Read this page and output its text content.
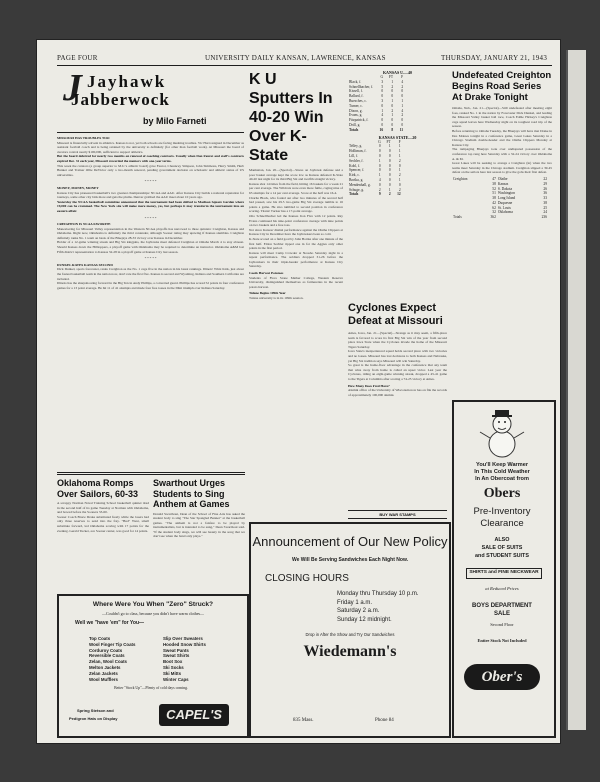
PAGE FOUR	UNIVERSITY DAILY KANSAN, LAWRENCE, KANSAS	THURSDAY, JANUARY 21, 1943
J Jayhawk
Jabberwock
by Milo Farneti
MISSOURI HAS TROUBLES TOO
Missouri is financially solvent in athletics. Kansas is not, yet both schools are facing mushing troubles. Vic Hurt resigned in December as assistant football coach and is being retained by the university to definitely (for other than football work). At Missouri the board of curators control nearly $100,000, sufficient to support athletics.
But the board deferred for nearly two months on renewal of coaching contracts. Usually when Don Faurot and staff's contracts expired Dec. 31 each year, Missouri rewarded the mentors with one-year terms.
This week the curators (a group superior to M.U.'s athletic board) gave Faurot, Chauncey Simpson, John Simmons, Harry Smith, Herb Bunker and Trainer Ollie DeVictor only a two-month renewal, pending government decision on scholastic and athletic status of US universities.
* * * * *
MONEY, MONEY, MONEY
Kansas City has pioneered basketball's two greatest championships: NCAA and AAU. After Kansas City builds a national reputation for tourneys, some other city bids more and gets the plums. Denver grabbed the AAU meet about 10 years ago.
Yesterday the NCAA basketball committee announced that the tournament had been shifted to Madison Square Garden where 19,000 can be crammed. The New York site will make more money, yes, but perhaps it may transform the tournament into an eastern affair.
* * * * *
CREIGHTON IS NCAA FAVORITE
Maneuvering for Missouri Valley representation in the Western NCAA playoffs has narrowed to three quintets: Creighton, Kansas and Oklahoma. Right now, Oklahoma is definitely the third contender, although Sooner rating may upswing if Kansas stumbles. Creighton definitely ranks No. 1 team on basis of the Bluejays 28-33 victory over Kansas in December.
Holder of a 12-game winning streak and Big Six kingpins, the Jayhawks meet defeated Creighton at Omaha March 4 to stay abreast. Should Kansas down the Hilltoppers, a playoff game with Oklahoma may be required to determine an instructor. Oklahoma A&M lost Fifth district representation to Kansas 32-28 in a playoff game at Kansas City last season.
* * * * *
DUNKEL RATES KANSAS SECOND
Dick Dunkel, sports forecaster, ranks Creighton as the No. 1 cage five in the nation in his latest rankings. Illinois' Whiz Kids, just about the fastest basketball team in the nation now, don't rate the first five. Kansas is second and Wyoming, Indiana and Southern California are included.
Illinois has the sharpshooting forward in the Big Ten in Andy Phillips, a converted guard. Phillips has scored 52 points in four conference games for a 13 point average. He hit 11 of 41 attempts and made four free tosses in the Illini triumph over Indiana Saturday.
K U Sputters In 40-20 Win Over K-State
Manhattan, Jan. 20—(Special)—Stress on Jayhawk defense and a poor basket average kept the score low as Kansas defeated K-State 40-20 last night for its third Big Six and twelfth straight victory.
Kansas shot 14 times from the field, hitting 16 baskets for a weak 21 per cent average. The Wildcats were even more futile, caging nine of 63 attempts for a 14 per cent average. Score at the half was 16-4.
Charlie Black, who fouled out after two minutes of the second half had passed, saw his 29.5 two-game Big Six average tumble to 16 points a game. He also tumbled to second position in conference scoring. Titanic Tucker has a 17-point average.
Otto Schnellbacher led the Kansas Iron Five with 12 points. Ray Evans continued his nine-point conference average with nine points on two baskets and a free toss.
Not since Kansas' dismal performance against the Olathe Clippers at Kansas City in December have the Jayhawkers been so cold.
K-State scored on a field goal by John Bortka after one minute of the first half. Eldon Sechler tipped one in for the Aggies only other points in the first period.
Kansas will meet Camp Crowder at Neosho Saturday night in a repeat performance. The soldiers dropped 31-26 before the Jayhawkers in their triple-header performance at Kansas City Saturday.
Coeds Harvest Potatoes
Students of Flora Stone Mather College, Western Reserve University, distinguished themselves as farmerettes in the recent potato harvest.
Tulane Begins 109th Year
Tulane university is in its 109th session.
KANSAS U.—40
	G	FT	F
Black, f.	3	1	4
Schnellbacher, f.	5	2	2
Kissell, f.	0	0	0
Ballard, f.	0	0	0
Buesches, c.	3	1	1
Turner, c.	0	0	1
Dixon, g.	1	2	4
Evans, g.	4	1	2
Fitzpatrick, f.	0	0	0
Drill, g.	0	0	0
Totals	16	8	11
KANSAS STATE—20
	G	FT	F
Telley, g.	0	1	1
Holliman, f.	0	0	1
Lill, f.	0	0	1
Sechler, f.	1	0	2
Kohl, f.	0	0	0
Spencer, f.	0	0	1
Kirk, c.	1	0	2
Bortka, g.	4	0	1
Mendenhall, g.	0	0	0
Schuge, g.	2	1	2
Totals	9	2	12
Cyclones Expect Defeat at Missouri
Ames, Iowa, Jan. 21—(Special)—Strange as it may seem, a fifth-place team is favored to score its first Big Six win of the year from second place Iowa State when the Cyclones invade the home of the Missouri Tigers Saturday.
Iowa State's inexperienced squad holds second place with two victories and no losses. Missouri has lost decisions to both Kansas and Nebraska, yet Big Six tradition says Missouri will win Saturday.
So great is the home-floor advantage in the conference that any team that wins away from home is called an upset victor. Last year the Cyclones, riding an eight-game winning streak, dropped a 45-41 game to the Tigers at Columbia after scoring a 74-25 victory at Ames.
How Many Does Fred Have?
Alumni office of the University of Wisconsin now has on file the records of approximately 100,000 alumni.
BUY WAR STAMPS
Undefeated Creighton Begins Road Series At Drake Tonight
Omaha, Neb., Jan. 21—(Special)—Still undefeated after meeting eight foes, ranked No. 1 in the nation by Forecaster Dick Dunkel, and leading the Missouri Valley basket ball race, Coach Eddie Hickey's Creighton cage squad leaves here Wednesday night on its toughest road trip of the season.
Before returning to Omaha Tuesday, the Bluejays will have met Drake in Des Moines tonight in a conference game, Great Lakes Saturday in a Chicago Stadium double-header and the Olathe Clippers Monday at Kansas City.
The rampaging Bluejays took over undisputed possession of the conference top rung here Saturday with a 32-24 victory over Oklahoma A. & M.
Great Lakes will be seeking to avenge a Creighton (in) when the two teams meet Saturday in the Chicago stadium. Creighton slipped a 39-45 defeat on the sailors here last season to give the gobs their first defeat.
Creighton	47	Olathe	22
	38	Kansas	29
	52	S. Dakota	26
	51	Washington	36
	38	Long Island	33
	42	Duquesne	38
	62	St. Louis	25
	32	Oklahoma	24
Totals	362		236
Oklahoma Romps Over Sailors, 60-33
A scrappy Norman Naval Training School basketball quintet tired in the second half of its game Tuesday at Norman with Oklahoma, and bowed before the Sooners 33-60.
Sooner Coach Bruce Drake substituted freely while the losers had only three reserves to send into the fray. "Bud" West, small substitute forward, led Oklahoma scoring with 17 points for the evening. Gerald Tucker, ace Sooner center, was good for 14 points.
Swarthout Urges Students to Sing Anthem at Games
Donald Swarthout, Dean of the School of Fine Arts has asked the student body to sing "The Star Spangled Banner" at the basketball games. "The anthem is not a fanfare to be played by instrumentalists, but is intended to be sung," Dean Swarthout said. "If the student body sings, we will see beauty in the song that we don't see when the band only plays."
Where Were You When "Zero" Struck?
—Couldn't go to class, because you didn't have warm clothes—
Well we "have 'em" for You—
Top Coats
Wool Finger Tip Coats
Corduroy Coats
Reversible Coats
Zelan, Wool Coats
Melton Jackets
Zelan Jackets
Wool Mufflers
Slip Over Sweaters
Hooded Snow Shirts
Sweat Pants
Sweat Shirts
Boot Sox
Ski Socks
Ski Mitts
Winter Caps
Better "Stock Up"—Plenty of cold days coming.
Spring Stetson and
Pedigron Hats on Display	CAPEL'S
Announcement of Our New Policy
We Will Be Serving Sandwiches Each Night Now.
CLOSING HOURS
Monday thru Thursday 10 p.m.
Friday 1 a.m.
Saturday 2 a.m.
Sunday 12 midnight.
Drop in After the Show and Try Our Sandwiches
Wiedemann's
835 Mass.	Phone 84
You'll Keep Warmer
In This Cold Weather
In An Obercoat from
Obers
Pre-Inventory
Clearance
ALSO
SALE OF SUITS
and STUDENT SUITS
SHIRTS and FINE NECKWEAR
at Reduced Prices
BOYS DEPARTMENT
SALE
Second Floor
Entire Stock Not Included
Ober's
